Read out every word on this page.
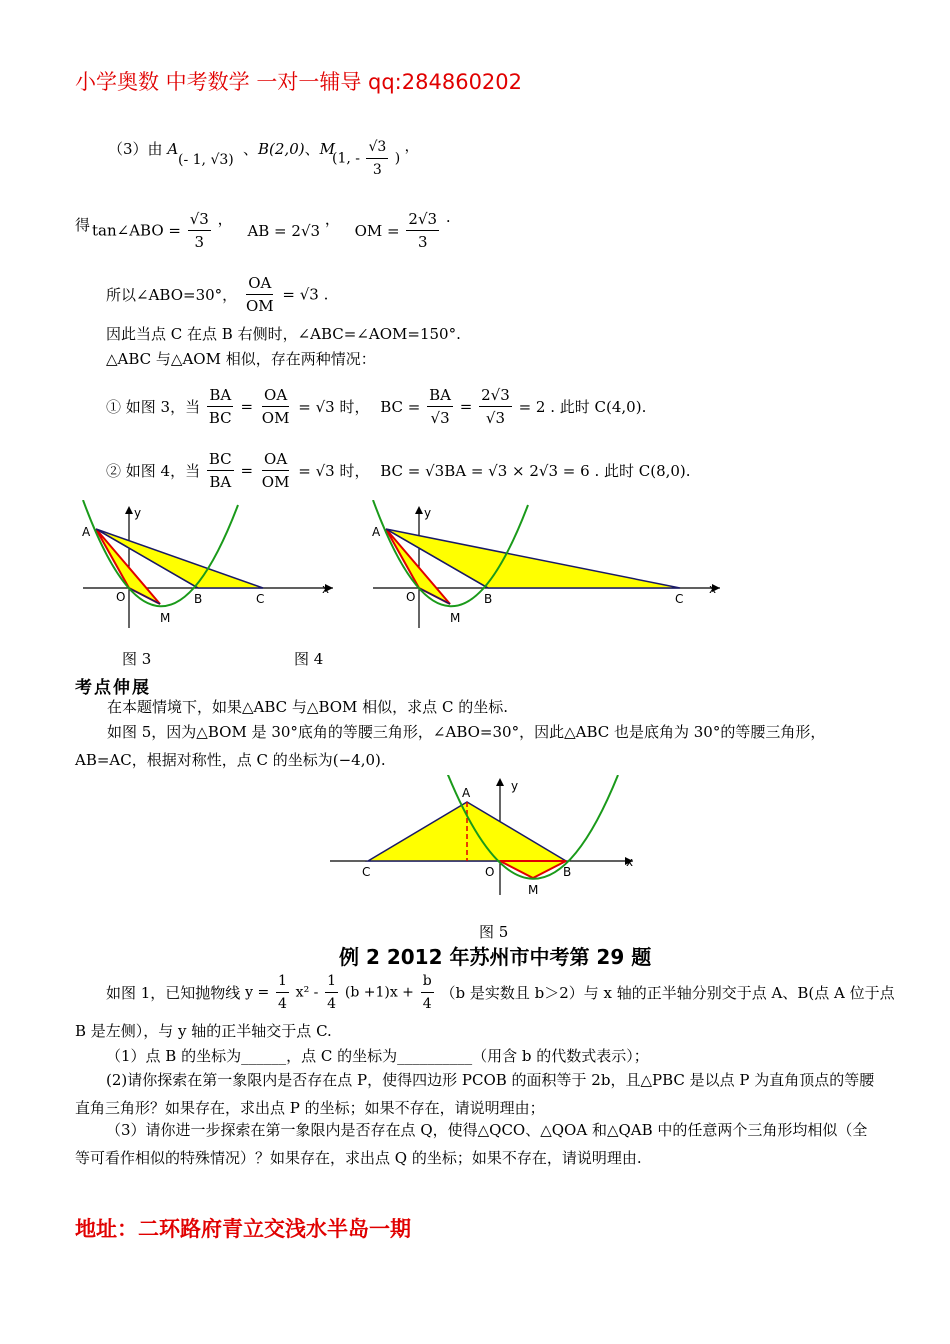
小学奥数 中考数学 一对一辅导 qq:284860202
（3）由 A
(- 1, √3)
、B(2,0)、M
(1, - $\frac{√3}{3}$ ) ，
得 tan∠ABO = $\frac{√3}{3}$ ， AB = 2√3 ， OM = $\frac{2√3}{3}$ .
所以∠ABO=30°， $\frac{OA}{OM} = √3$ .
因此当点 C 在点 B 右侧时，∠ABC=∠AOM=150°.
△ABC 与△AOM 相似，存在两种情况：
① 如图 3，当 $\frac{BA}{BC} = \frac{OA}{OM} = √3$ 时， BC = $\frac{BA}{√3} = \frac{2√3}{√3} = 2$ . 此时 C(4,0).
② 如图 4，当 $\frac{BC}{BA} = \frac{OA}{OM} = √3$ 时， BC = √3BA = √3 × 2√3 = 6 . 此时 C(8,0).
A
y
x
O	B	C
M
图 3
A
y
x
O	B	C
M
图 4
考点伸展
在本题情境下，如果△ABC 与△BOM 相似，求点 C 的坐标.
如图 5，因为△BOM 是 30°底角的等腰三角形，∠ABO=30°，因此△ABC 也是底角为 30°的等腰三角形，AB=AC，根据对称性，点 C 的坐标为(−4,0).
A	y
x
O	B
C
M
图 5
例 2 2012 年苏州市中考第 29 题
如图 1，已知抛物线 $y = \frac{1}{4} x^2 - \frac{1}{4} (b +1)x + \frac{b}{4} (b$ 是实数且 b＞2）与 x 轴的正半轴分别交于点 A、B(点 A 位于点
B 是左侧），与 y 轴的正半轴交于点 C.
（1）点 B 的坐标为______，点 C 的坐标为__________（用含 b 的代数式表示）；
(2)请你探索在第一象限内是否存在点 P，使得四边形 PCOB 的面积等于 2b，且△PBC 是以点 P 为直角顶点的等腰直角三角形？如果存在，求出点 P 的坐标；如果不存在，请说明理由；
（3）请你进一步探索在第一象限内是否存在点 Q，使得△QCO、△QOA 和△QAB 中的任意两个三角形均相似（全等可看作相似的特殊情况）？如果存在，求出点 Q 的坐标；如果不存在，请说明理由.
地址：二环路府青立交浅水半岛一期
